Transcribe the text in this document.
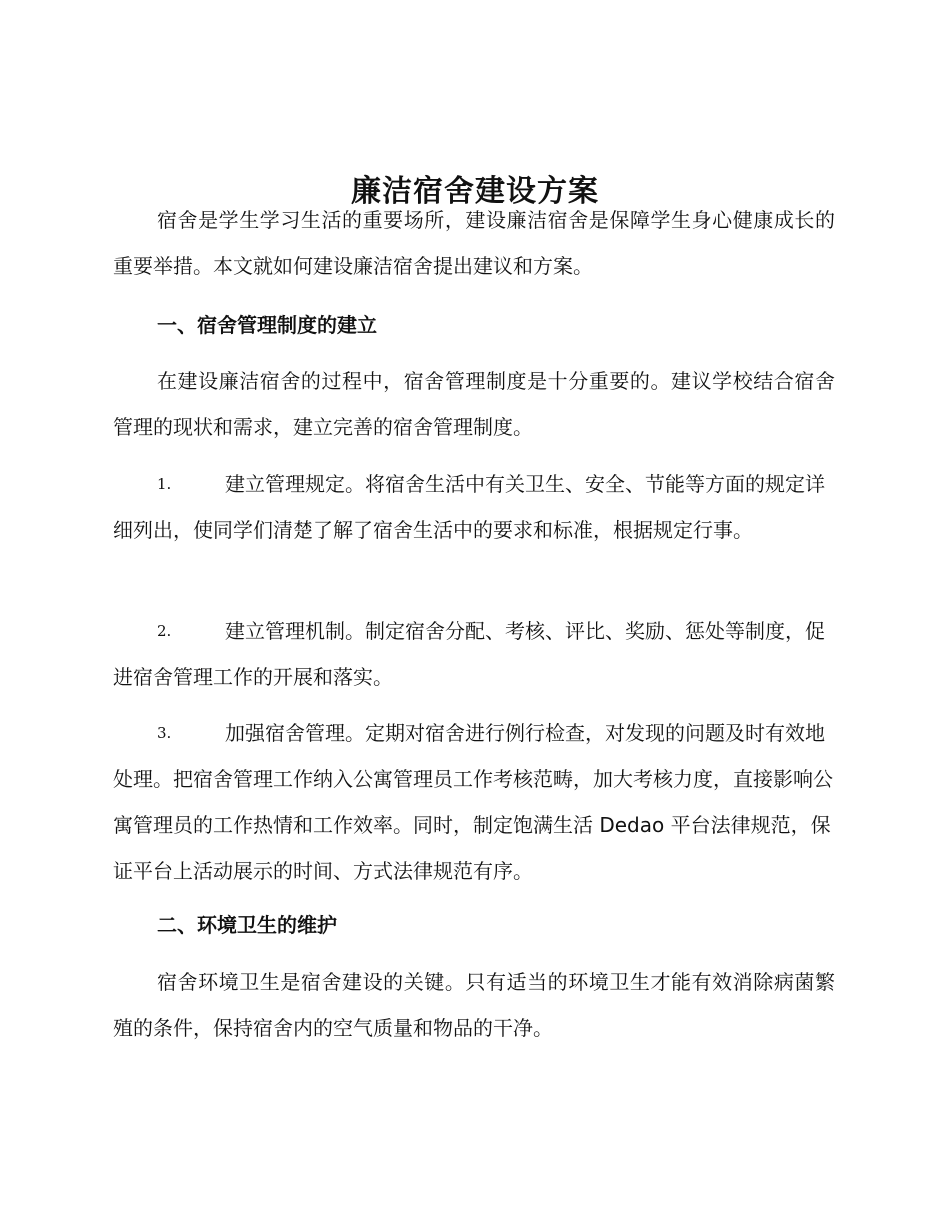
廉洁宿舍建设方案

宿舍是学生学习生活的重要场所，建设廉洁宿舍是保障学生身心健康成长的重要举措。本文就如何建设廉洁宿舍提出建议和方案。

一、宿舍管理制度的建立

在建设廉洁宿舍的过程中，宿舍管理制度是十分重要的。建议学校结合宿舍管理的现状和需求，建立完善的宿舍管理制度。

1.	建立管理规定。将宿舍生活中有关卫生、安全、节能等方面的规定详细列出，使同学们清楚了解了宿舍生活中的要求和标准，根据规定行事。

2.	建立管理机制。制定宿舍分配、考核、评比、奖励、惩处等制度，促进宿舍管理工作的开展和落实。

3.	加强宿舍管理。定期对宿舍进行例行检查，对发现的问题及时有效地处理。把宿舍管理工作纳入公寓管理员工作考核范畴，加大考核力度，直接影响公寓管理员的工作热情和工作效率。同时，制定饱满生活 Dedao 平台法律规范，保证平台上活动展示的时间、方式法律规范有序。

二、环境卫生的维护

宿舍环境卫生是宿舍建设的关键。只有适当的环境卫生才能有效消除病菌繁殖的条件，保持宿舍内的空气质量和物品的干净。
